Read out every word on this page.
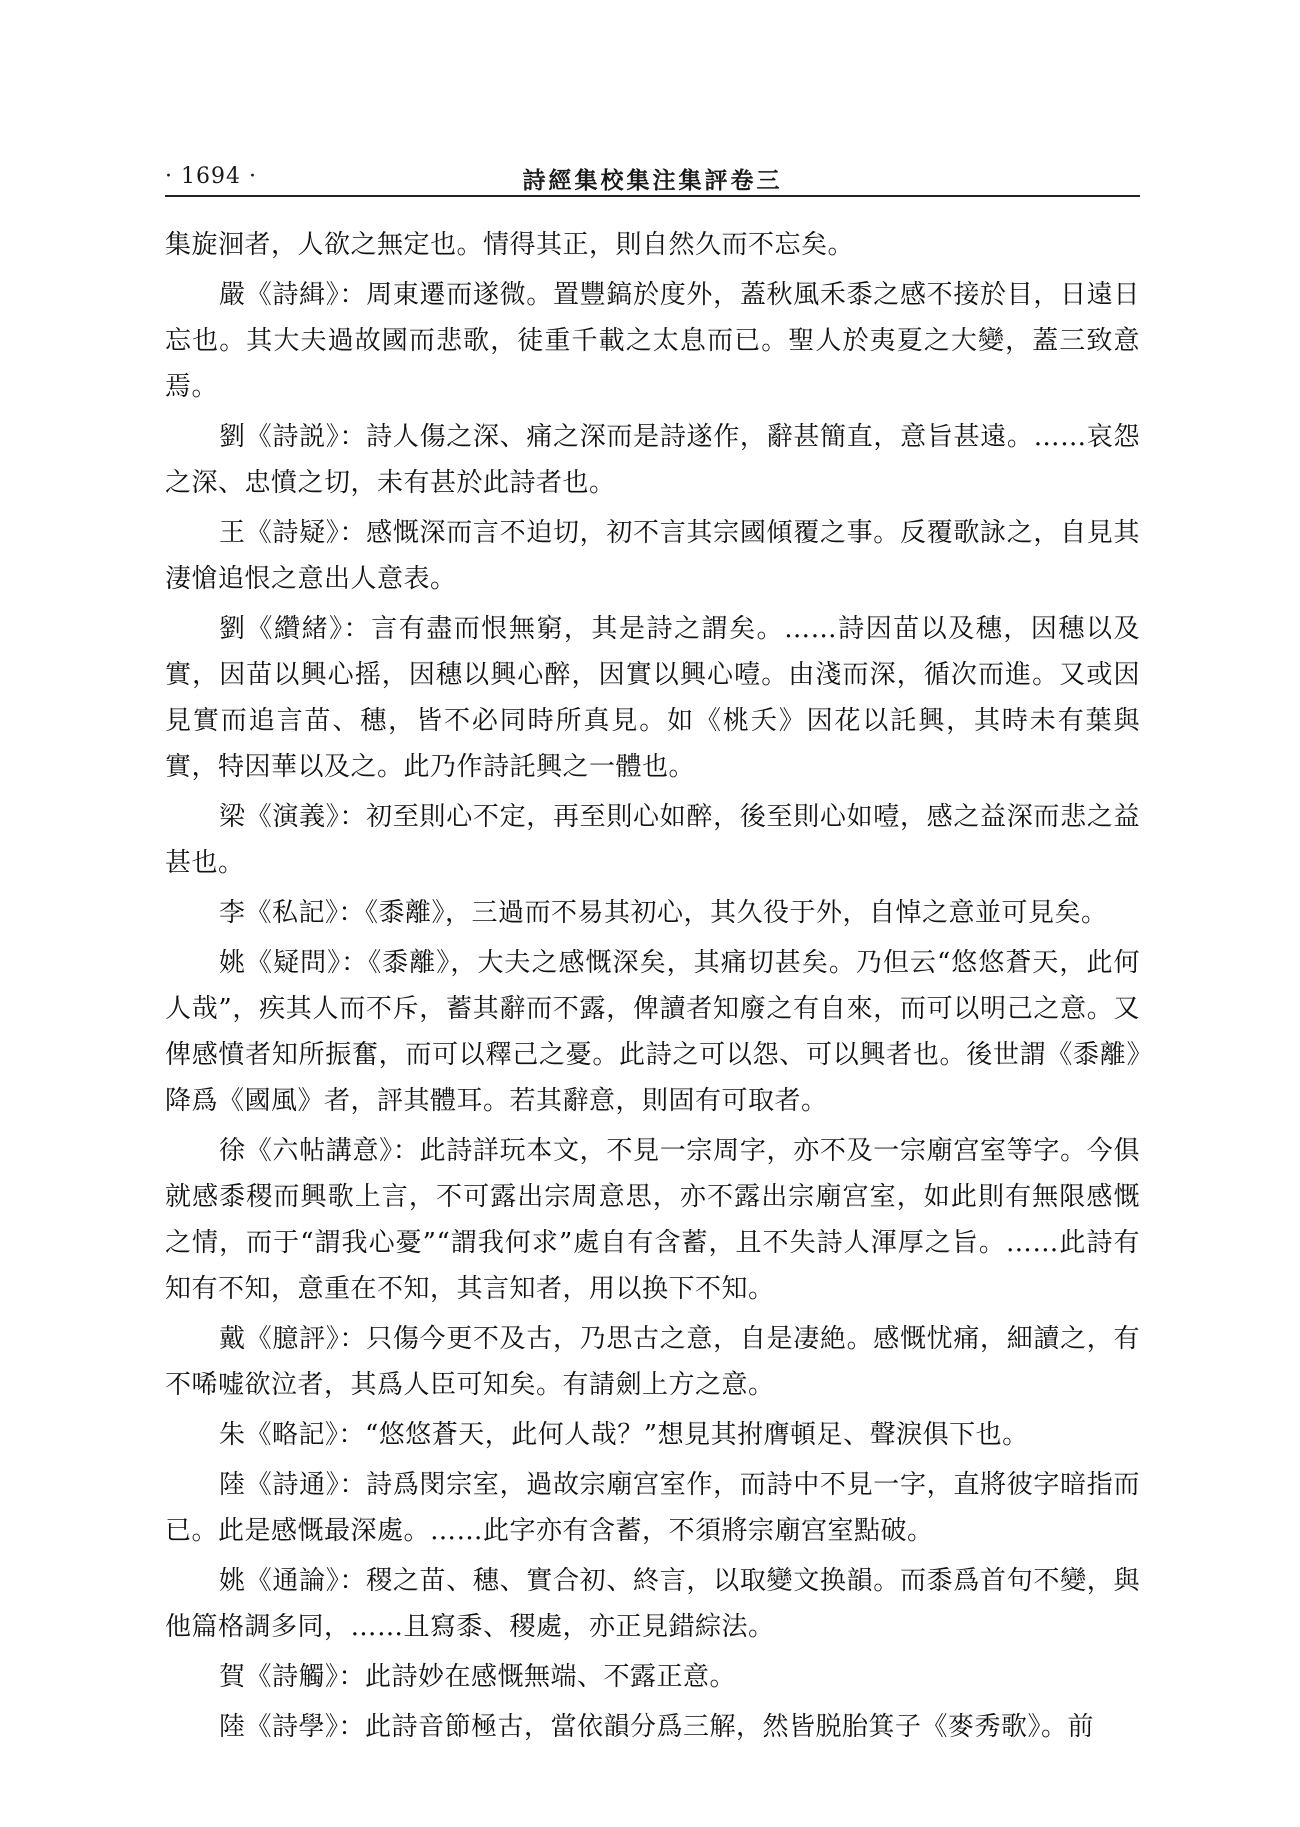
· 1694 ·	詩經集校集注集評卷三

集旋洄者，人欲之無定也。情得其正，則自然久而不忘矣。

嚴《詩緝》：周東遷而遂微。置豐鎬於度外，蓋秋風禾黍之感不接於目，日遠日忘也。其大夫過故國而悲歌，徒重千載之太息而已。聖人於夷夏之大變，蓋三致意焉。

劉《詩説》：詩人傷之深、痛之深而是詩遂作，辭甚簡直，意旨甚遠。……哀怨之深、忠憤之切，未有甚於此詩者也。

王《詩疑》：感慨深而言不迫切，初不言其宗國傾覆之事。反覆歌詠之，自見其淒愴追恨之意出人意表。

劉《纘緒》：言有盡而恨無窮，其是詩之謂矣。……詩因苗以及穗，因穗以及實，因苗以興心摇，因穗以興心醉，因實以興心噎。由淺而深，循次而進。又或因見實而追言苗、穗，皆不必同時所真見。如《桃夭》因花以託興，其時未有葉與實，特因華以及之。此乃作詩託興之一體也。

梁《演義》：初至則心不定，再至則心如醉，後至則心如噎，感之益深而悲之益甚也。

李《私記》：《黍離》，三過而不易其初心，其久役于外，自悼之意並可見矣。

姚《疑問》：《黍離》，大夫之感慨深矣，其痛切甚矣。乃但云“悠悠蒼天，此何人哉”，疾其人而不斥，蓄其辭而不露，俾讀者知廢之有自來，而可以明己之意。又俾感憤者知所振奮，而可以釋己之憂。此詩之可以怨、可以興者也。後世謂《黍離》降爲《國風》者，評其體耳。若其辭意，則固有可取者。

徐《六帖講意》：此詩詳玩本文，不見一宗周字，亦不及一宗廟宫室等字。今俱就感黍稷而興歌上言，不可露出宗周意思，亦不露出宗廟宫室，如此則有無限感慨之情，而于“謂我心憂”“謂我何求”處自有含蓄，且不失詩人渾厚之旨。……此詩有知有不知，意重在不知，其言知者，用以换下不知。

戴《臆評》：只傷今更不及古，乃思古之意，自是凄絶。感慨忧痛，細讀之，有不唏嘘欲泣者，其爲人臣可知矣。有請劍上方之意。

朱《略記》：“悠悠蒼天，此何人哉？”想見其拊膺頓足、聲淚俱下也。

陸《詩通》：詩爲閔宗室，過故宗廟宫室作，而詩中不見一字，直將彼字暗指而已。此是感慨最深處。……此字亦有含蓄，不須將宗廟宫室點破。

姚《通論》：稷之苗、穗、實合初、終言，以取變文换韻。而黍爲首句不變，與他篇格調多同，……且寫黍、稷處，亦正見錯綜法。

賀《詩觸》：此詩妙在感慨無端、不露正意。

陸《詩學》：此詩音節極古，當依韻分爲三解，然皆脱胎箕子《麥秀歌》。前
